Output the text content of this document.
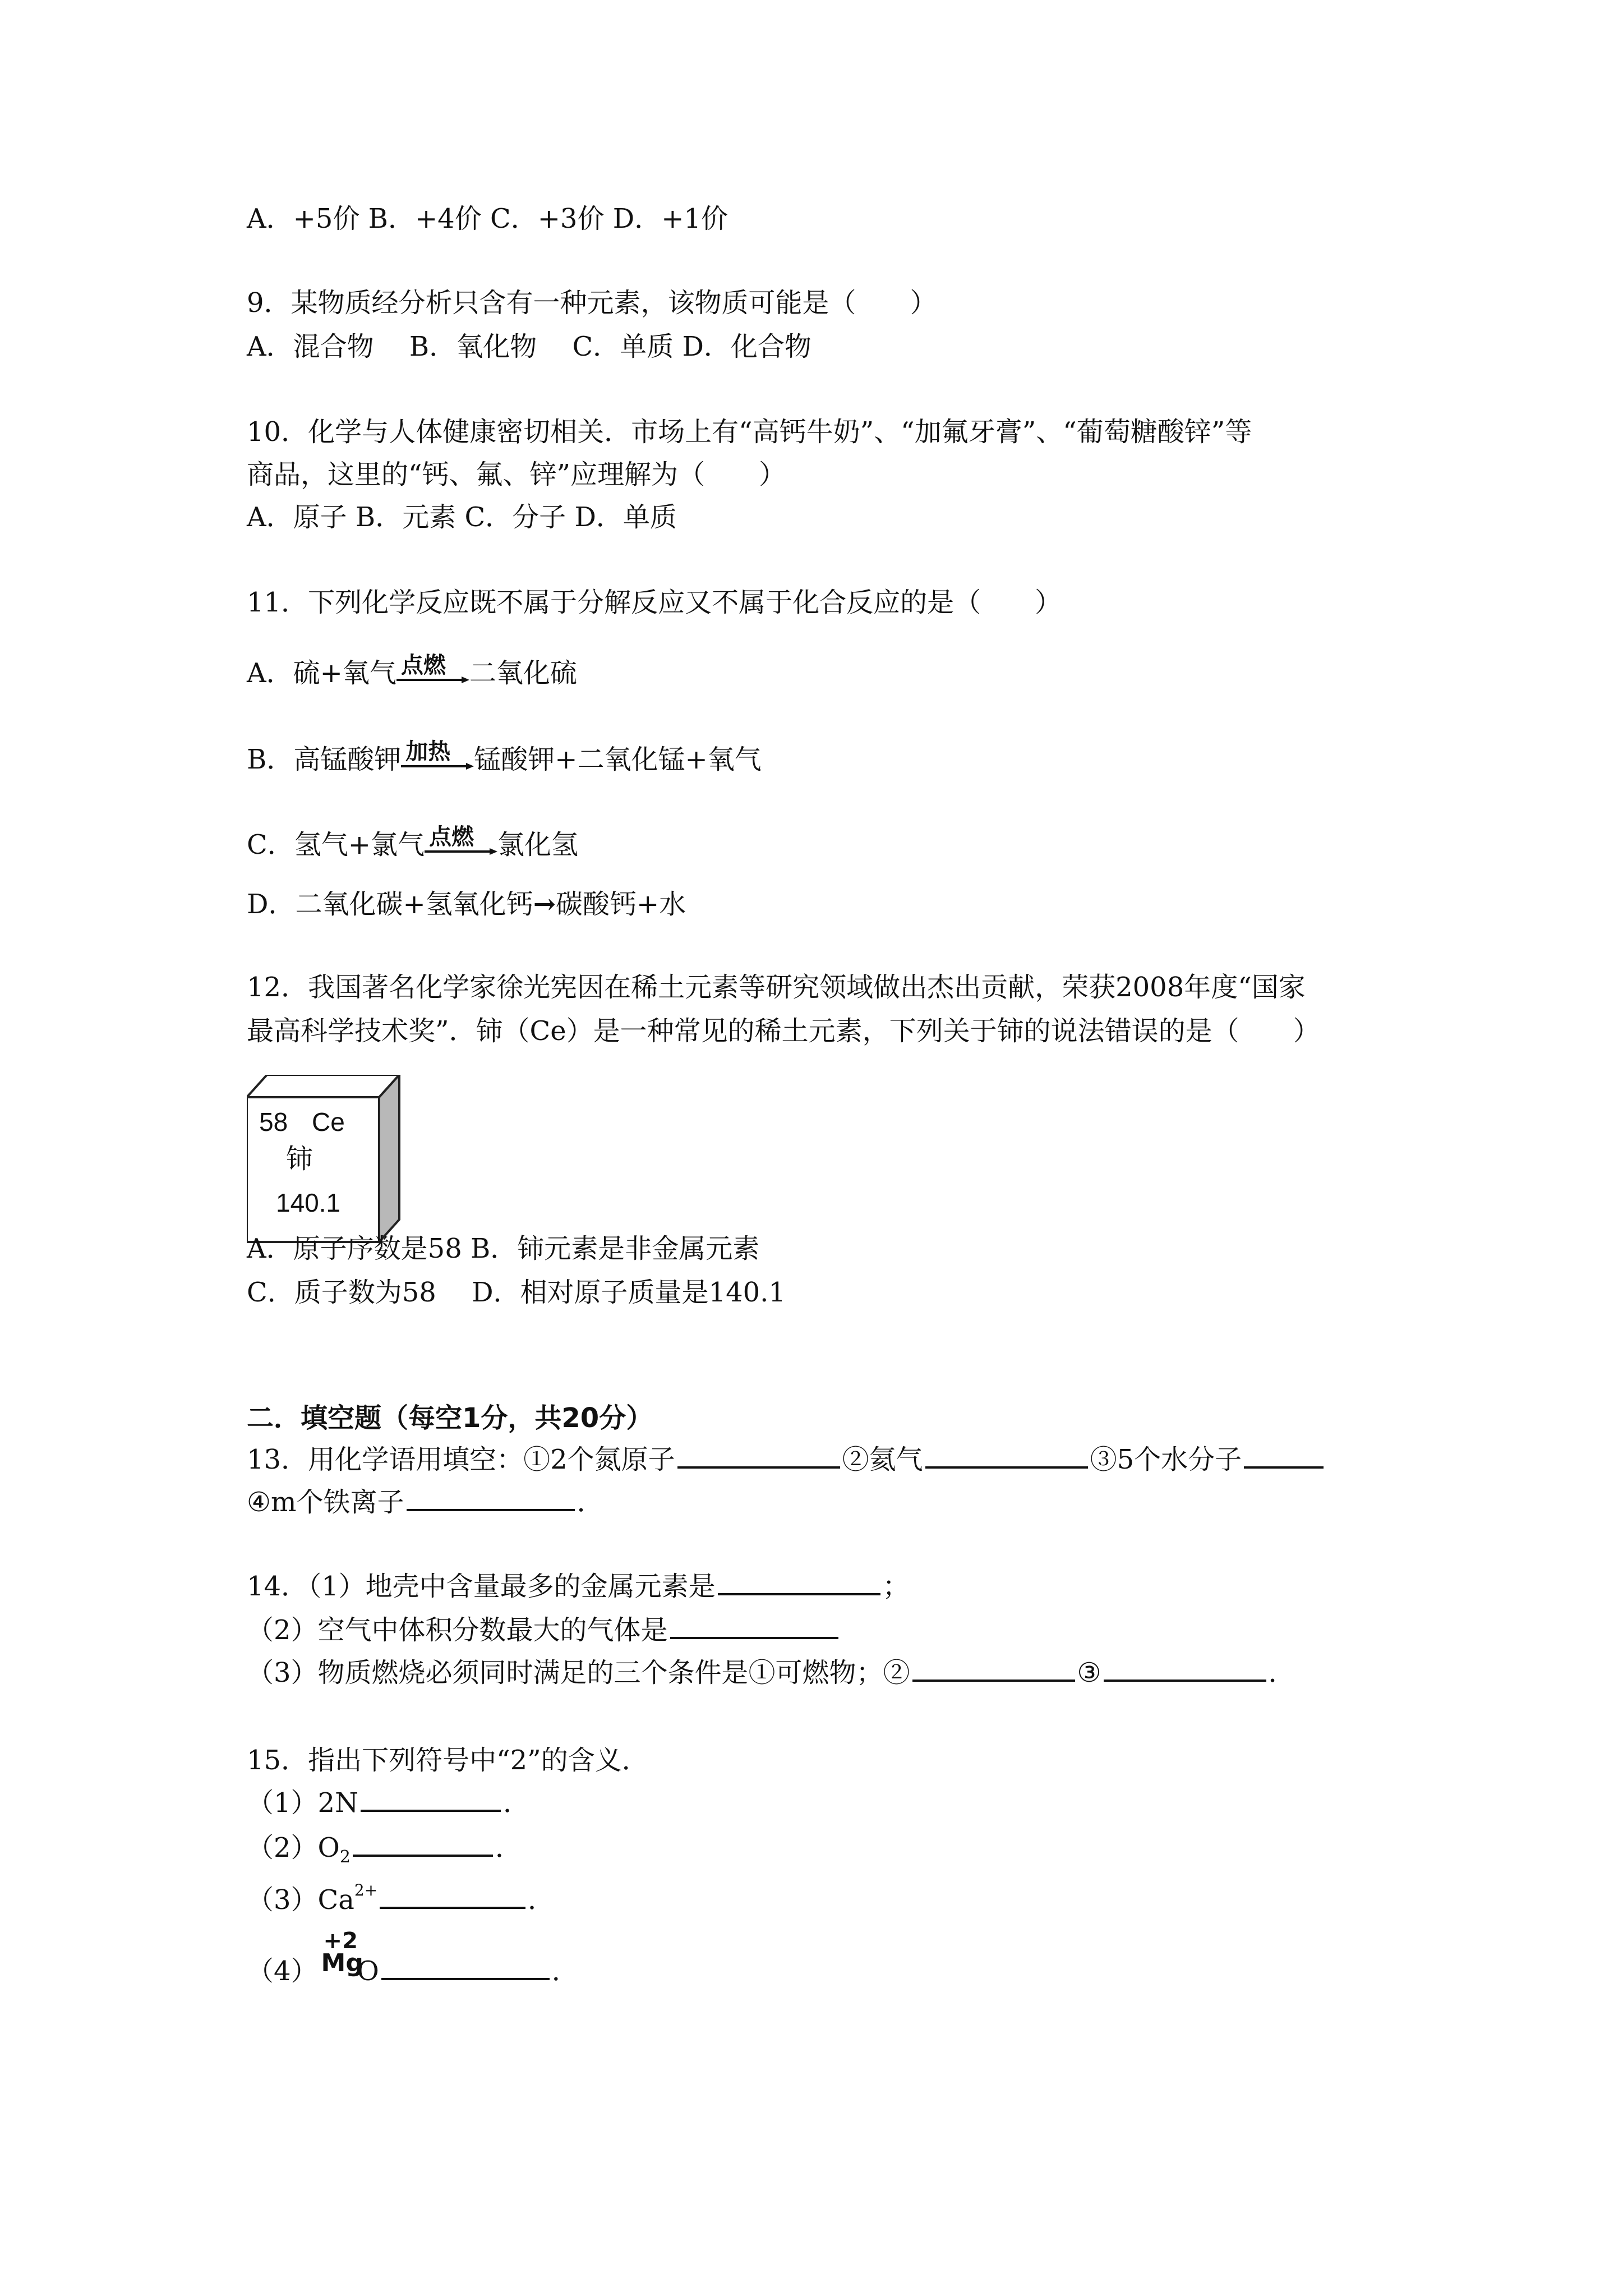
A．+5价 B．+4价 C．+3价 D．+1价
9．某物质经分析只含有一种元素，该物质可能是（　　）
A．混合物　 B．氧化物　 C．单质 D．化合物
10．化学与人体健康密切相关．市场上有“高钙牛奶”、“加氟牙膏”、“葡萄糖酸锌”等
商品，这里的“钙、氟、锌”应理解为（　　）
A．原子 B．元素 C．分子 D．单质
11．下列化学反应既不属于分解反应又不属于化合反应的是（　　）
A．硫+氧气 点燃 二氧化硫
B．高锰酸钾 加热 锰酸钾+二氧化锰+氧气
C．氢气+氯气 点燃 氯化氢
D．二氧化碳+氢氧化钙→碳酸钙+水
12．我国著名化学家徐光宪因在稀土元素等研究领域做出杰出贡献，荣获2008年度“国家
最高科学技术奖”．铈（Ce）是一种常见的稀土元素，下列关于铈的说法错误的是（　　）
58 Ce
铈
140.1
A．原子序数是58 B．铈元素是非金属元素
C．质子数为58　 D．相对原子质量是140.1
二．填空题（每空1分，共20分）
13．用化学语用填空：①2个氮原子	②氦气	③5个水分子
④m个铁离子	．
14．（1）地壳中含量最多的金属元素是	；
（2）空气中体积分数最大的气体是
（3）物质燃烧必须同时满足的三个条件是①可燃物；②	③	．
15．指出下列符号中“2”的含义．
（1）2N	．
$(2)O_2$	．
$(3)Ca^{2+}$	．
（4）
+2
Mg
O	．
